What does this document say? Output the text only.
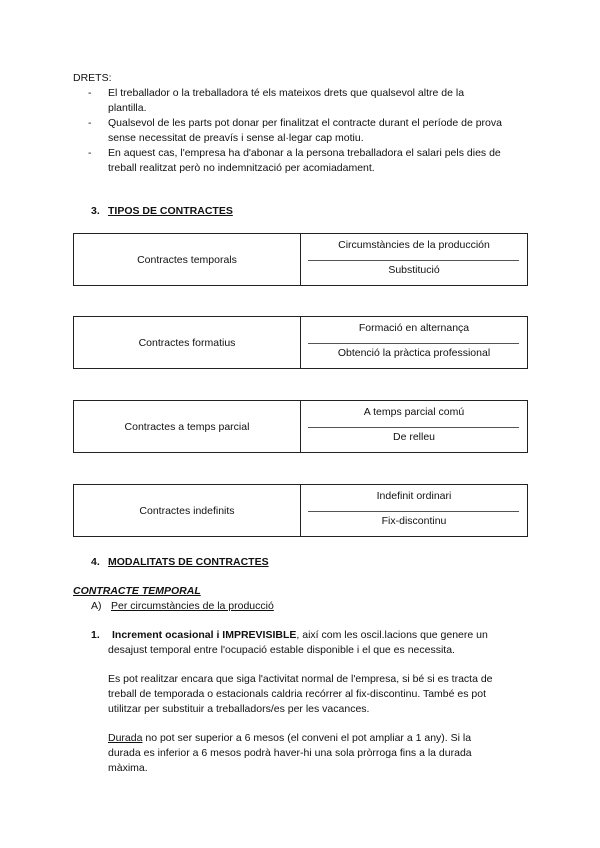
DRETS:
- El treballador o la treballadora té els mateixos drets que qualsevol altre de la
plantilla.
- Qualsevol de les parts pot donar per finalitzat el contracte durant el període de prova
sense necessitat de preavís i sense al·legar cap motiu.
- En aquest cas, l'empresa ha d'abonar a la persona treballadora el salari pels dies de
treball realitzat però no indemnització per acomiadament.
3. TIPOS DE CONTRACTES
Contractes temporals
Circumstàncies de la producción
Substitució
Contractes formatius
Formació en alternança
Obtenció la pràctica professional
Contractes a temps parcial
A temps parcial comú
De relleu
Contractes indefinits
Indefinit ordinari
Fix-discontinu
4. MODALITATS DE CONTRACTES
CONTRACTE TEMPORAL
A) Per circumstàncies de la producció
1. Increment ocasional i IMPREVISIBLE, així com les oscil.lacions que genere un
desajust temporal entre l'ocupació estable disponible i el que es necessita.
Es pot realitzar encara que siga l'activitat normal de l'empresa, si bé si es tracta de
treball de temporada o estacionals caldria recórrer al fix-discontinu. També es pot
utilitzar per substituir a treballadors/es per les vacances.
Durada no pot ser superior a 6 mesos (el conveni el pot ampliar a 1 any). Si la
durada es inferior a 6 mesos podrà haver-hi una sola pròrroga fins a la durada
màxima.
